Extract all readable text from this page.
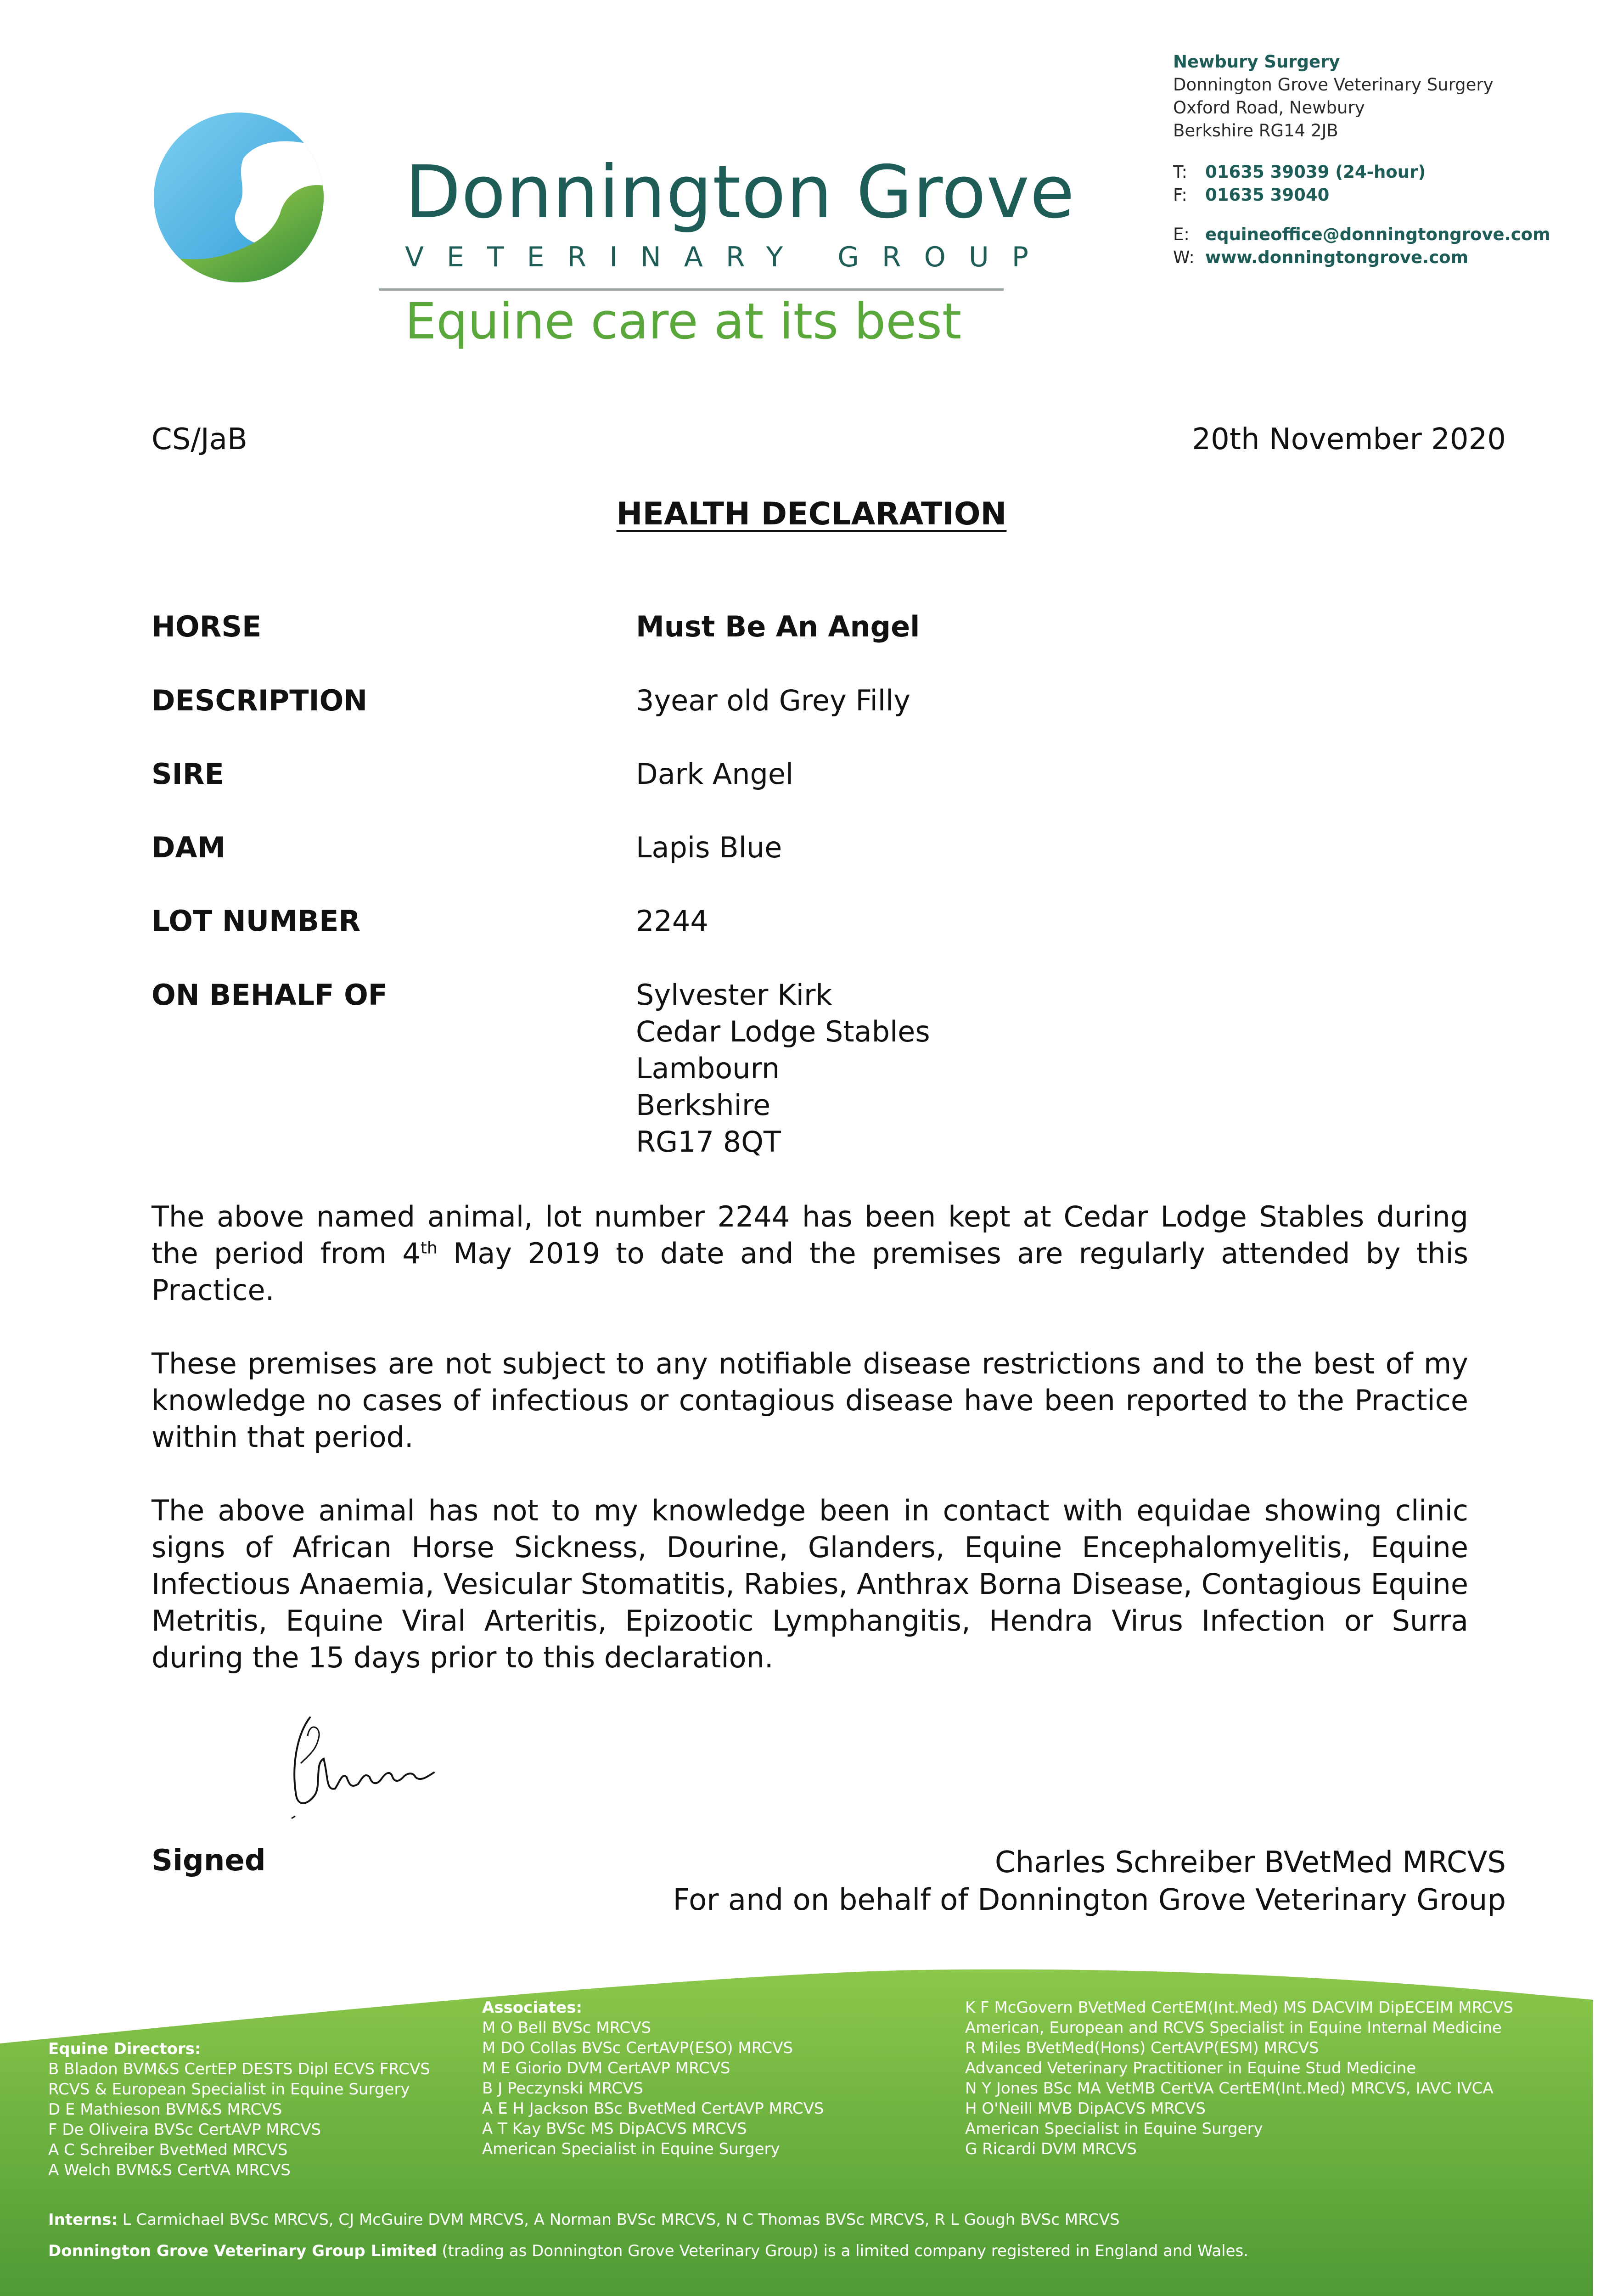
Donnington Grove
VETERINARY GROUP
Equine care at its best
Newbury Surgery
Donnington Grove Veterinary Surgery
Oxford Road, Newbury
Berkshire RG14 2JB
T: 01635 39039 (24-hour)
F: 01635 39040
E: equineoffice@donningtongrove.com
W: www.donningtongrove.com
CS/JaB	20th November 2020
HEALTH DECLARATION
HORSE	Must Be An Angel
DESCRIPTION	3year old Grey Filly
SIRE	Dark Angel
DAM	Lapis Blue
LOT NUMBER	2244
ON BEHALF OF	Sylvester Kirk
Cedar Lodge Stables
Lambourn
Berkshire
RG17 8QT
The above named animal, lot number 2244 has been kept at Cedar Lodge Stables during the period from 4th May 2019 to date and the premises are regularly attended by this Practice.
These premises are not subject to any notifiable disease restrictions and to the best of my knowledge no cases of infectious or contagious disease have been reported to the Practice within that period.
The above animal has not to my knowledge been in contact with equidae showing clinic signs of African Horse Sickness, Dourine, Glanders, Equine Encephalomyelitis, Equine Infectious Anaemia, Vesicular Stomatitis, Rabies, Anthrax Borna Disease, Contagious Equine Metritis, Equine Viral Arteritis, Epizootic Lymphangitis, Hendra Virus Infection or Surra during the 15 days prior to this declaration.
Signed	Charles Schreiber BVetMed MRCVS
For and on behalf of Donnington Grove Veterinary Group
Equine Directors:
B Bladon BVM&S CertEP DESTS Dipl ECVS FRCVS
RCVS & European Specialist in Equine Surgery
D E Mathieson BVM&S MRCVS
F De Oliveira BVSc CertAVP MRCVS
A C Schreiber BvetMed MRCVS
A Welch BVM&S CertVA MRCVS
Associates:
M O Bell BVSc MRCVS
M DO Collas BVSc CertAVP(ESO) MRCVS
M E Giorio DVM CertAVP MRCVS
B J Peczynski MRCVS
A E H Jackson BSc BvetMed CertAVP MRCVS
A T Kay BVSc MS DipACVS MRCVS
American Specialist in Equine Surgery
K F McGovern BVetMed CertEM(Int.Med) MS DACVIM DipECEIM MRCVS
American, European and RCVS Specialist in Equine Internal Medicine
R Miles BVetMed(Hons) CertAVP(ESM) MRCVS
Advanced Veterinary Practitioner in Equine Stud Medicine
N Y Jones BSc MA VetMB CertVA CertEM(Int.Med) MRCVS, IAVC IVCA
H O'Neill MVB DipACVS MRCVS
American Specialist in Equine Surgery
G Ricardi DVM MRCVS
Interns: L Carmichael BVSc MRCVS, CJ McGuire DVM MRCVS, A Norman BVSc MRCVS, N C Thomas BVSc MRCVS, R L Gough BVSc MRCVS
Donnington Grove Veterinary Group Limited (trading as Donnington Grove Veterinary Group) is a limited company registered in England and Wales.
